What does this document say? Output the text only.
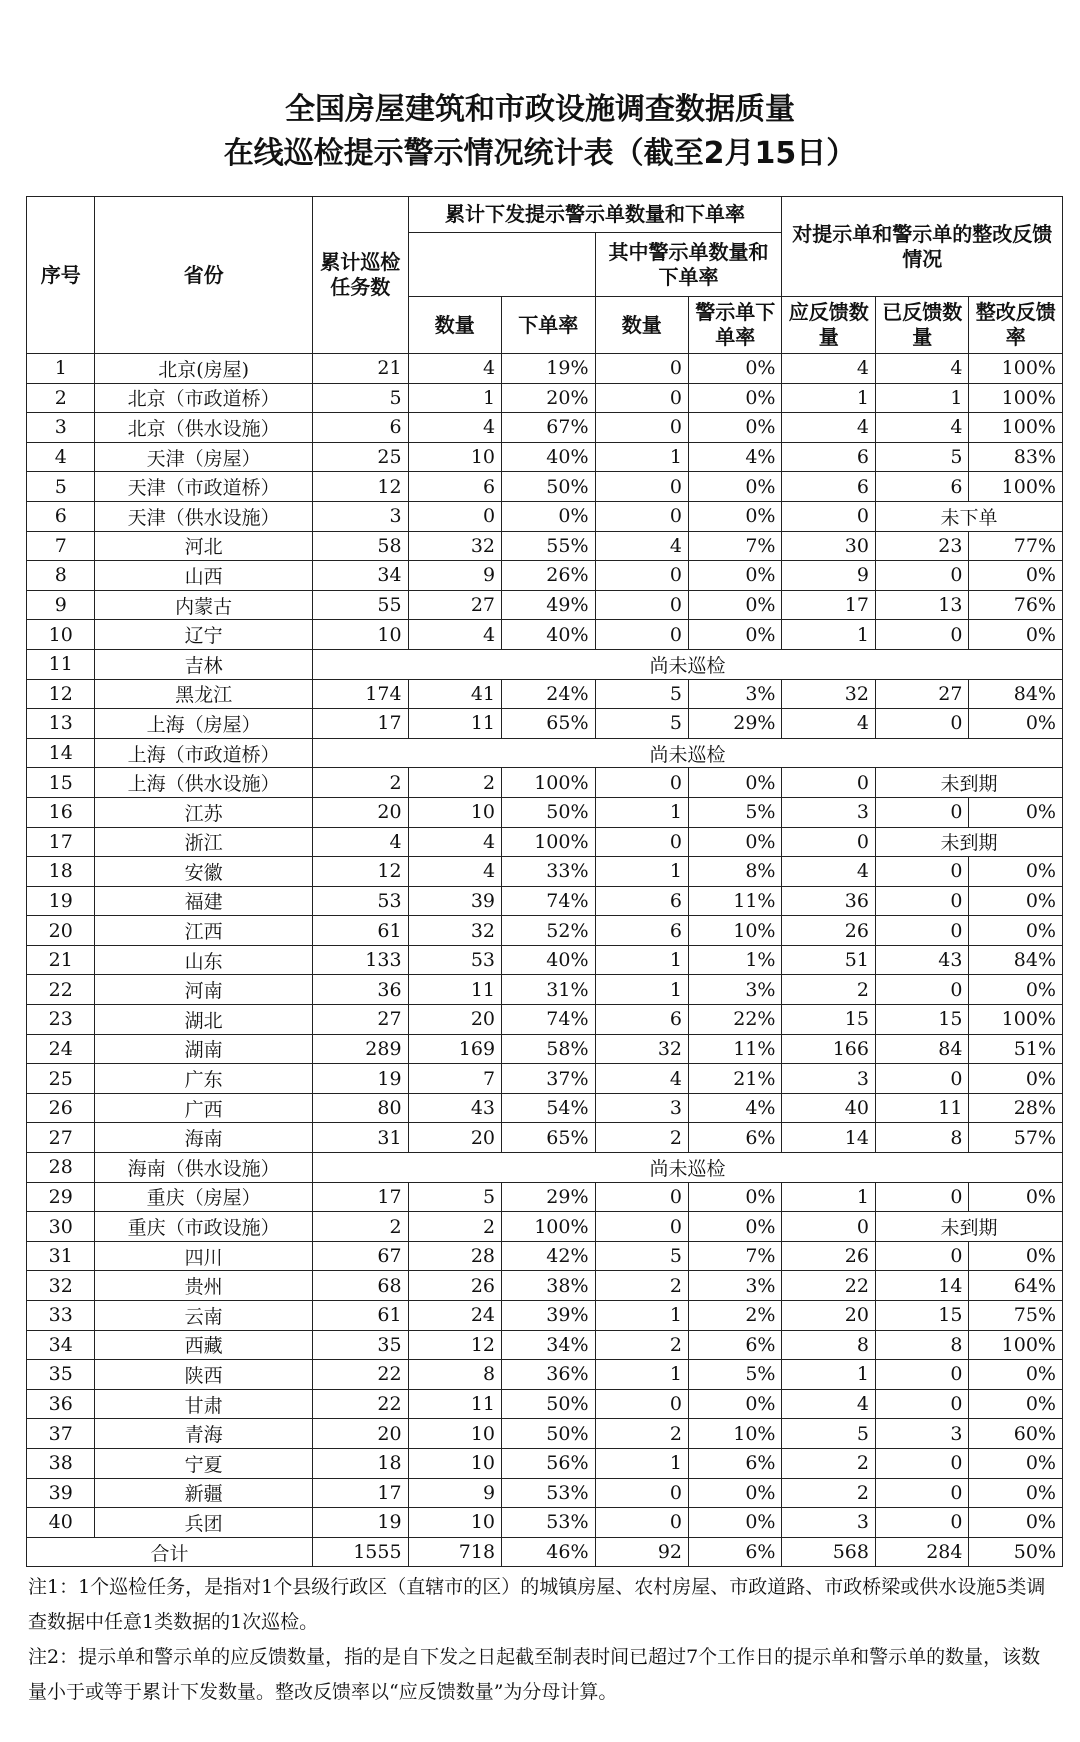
全国房屋建筑和市政设施调查数据质量
在线巡检提示警示情况统计表（截至2月15日）
序号	省份	累计巡检任务数	累计下发提示警示单数量和下单率				对提示单和警示单的整改反馈情况		
					其中警示单数量和下单率				
			数量	下单率	数量	警示单下单率	应反馈数量	已反馈数量	整改反馈率
1	北京(房屋)	21	4	19%	0	0%	4	4	100%
2	北京（市政道桥）	5	1	20%	0	0%	1	1	100%
3	北京（供水设施）	6	4	67%	0	0%	4	4	100%
4	天津（房屋）	25	10	40%	1	4%	6	5	83%
5	天津（市政道桥）	12	6	50%	0	0%	6	6	100%
6	天津（供水设施）	3	0	0%	0	0%	0	未下单	
7	河北	58	32	55%	4	7%	30	23	77%
8	山西	34	9	26%	0	0%	9	0	0%
9	内蒙古	55	27	49%	0	0%	17	13	76%
10	辽宁	10	4	40%	0	0%	1	0	0%
11	吉林	尚未巡检							
12	黑龙江	174	41	24%	5	3%	32	27	84%
13	上海（房屋）	17	11	65%	5	29%	4	0	0%
14	上海（市政道桥）	尚未巡检							
15	上海（供水设施）	2	2	100%	0	0%	0	未到期	
16	江苏	20	10	50%	1	5%	3	0	0%
17	浙江	4	4	100%	0	0%	0	未到期	
18	安徽	12	4	33%	1	8%	4	0	0%
19	福建	53	39	74%	6	11%	36	0	0%
20	江西	61	32	52%	6	10%	26	0	0%
21	山东	133	53	40%	1	1%	51	43	84%
22	河南	36	11	31%	1	3%	2	0	0%
23	湖北	27	20	74%	6	22%	15	15	100%
24	湖南	289	169	58%	32	11%	166	84	51%
25	广东	19	7	37%	4	21%	3	0	0%
26	广西	80	43	54%	3	4%	40	11	28%
27	海南	31	20	65%	2	6%	14	8	57%
28	海南（供水设施）	尚未巡检							
29	重庆（房屋）	17	5	29%	0	0%	1	0	0%
30	重庆（市政设施）	2	2	100%	0	0%	0	未到期	
31	四川	67	28	42%	5	7%	26	0	0%
32	贵州	68	26	38%	2	3%	22	14	64%
33	云南	61	24	39%	1	2%	20	15	75%
34	西藏	35	12	34%	2	6%	8	8	100%
35	陕西	22	8	36%	1	5%	1	0	0%
36	甘肃	22	11	50%	0	0%	4	0	0%
37	青海	20	10	50%	2	10%	5	3	60%
38	宁夏	18	10	56%	1	6%	2	0	0%
39	新疆	17	9	53%	0	0%	2	0	0%
40	兵团	19	10	53%	0	0%	3	0	0%
合计		1555	718	46%	92	6%	568	284	50%

注1：1个巡检任务，是指对1个县级行政区（直辖市的区）的城镇房屋、农村房屋、市政道路、市政桥梁或供水设施5类调查数据中任意1类数据的1次巡检。

注2：提示单和警示单的应反馈数量，指的是自下发之日起截至制表时间已超过7个工作日的提示单和警示单的数量，该数量小于或等于累计下发数量。整改反馈率以“应反馈数量”为分母计算。
